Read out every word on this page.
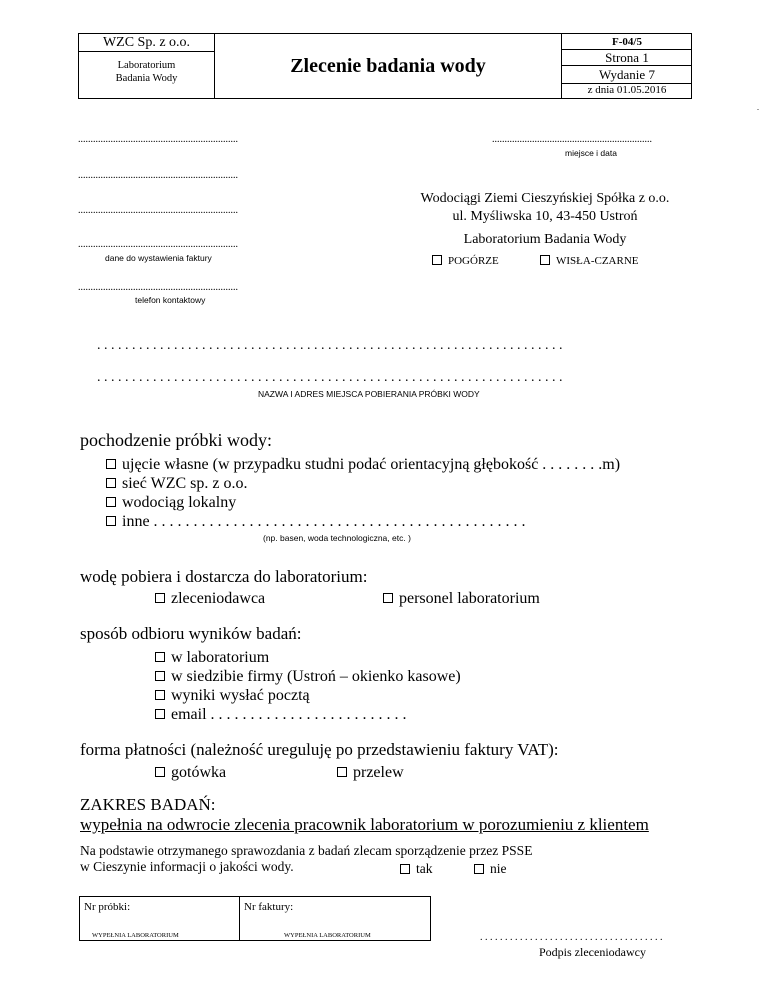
WZC Sp. z o.o.
Laboratorium
Badania Wody
Zlecenie badania wody
F-04/5
Strona 1
Wydanie 7
z dnia 01.05.2016
.
................................................................
................................................................
................................................................
................................................................
dane do wystawienia faktury
................................................................
telefon kontaktowy
................................................................
miejsce i data
Wodociągi Ziemi Cieszyńskiej Spółka z o.o.
ul. Myśliwska 10, 43-450 Ustroń
Laboratorium Badania Wody
POGÓRZE	WISŁA-CZARNE
. . . . . . . . . . . . . . . . . . . . . . . . . . . . . . . . . . . . . . . . . . . . . . . . . . . . . . . . . . . . . . . . . . .
. . . . . . . . . . . . . . . . . . . . . . . . . . . . . . . . . . . . . . . . . . . . . . . . . . . . . . . . . . . . . . . . . . .
NAZWA I ADRES MIEJSCA POBIERANIA PRÓBKI WODY
pochodzenie próbki wody:
ujęcie własne (w przypadku studni podać orientacyjną głębokość . . . . . . . .m)
sieć WZC sp. z o.o.
wodociąg lokalny
inne . . . . . . . . . . . . . . . . . . . . . . . . . . . . . . . . . . . . . . . . . . . . . . .
(np. basen, woda technologiczna, etc. )
wodę pobiera i dostarcza do laboratorium:
zleceniodawca	personel laboratorium
sposób odbioru wyników badań:
w laboratorium
w siedzibie firmy (Ustroń – okienko kasowe)
wyniki wysłać pocztą
email . . . . . . . . . . . . . . . . . . . . . . . . .
forma płatności (należność ureguluję po przedstawieniu faktury VAT):
gotówka	przelew
ZAKRES BADAŃ:
wypełnia na odwrocie zlecenia pracownik laboratorium w porozumieniu z klientem
Na podstawie otrzymanego sprawozdania z badań zlecam sporządzenie przez PSSE
w Cieszynie informacji o jakości wody.	tak	nie
Nr próbki:	Nr faktury:
WYPEŁNIA LABORATORIUM	WYPEŁNIA LABORATORIUM	. . . . . . . . . . . . . . . . . . . . . . . . . . . . . . . . . . . . .
Podpis zleceniodawcy
